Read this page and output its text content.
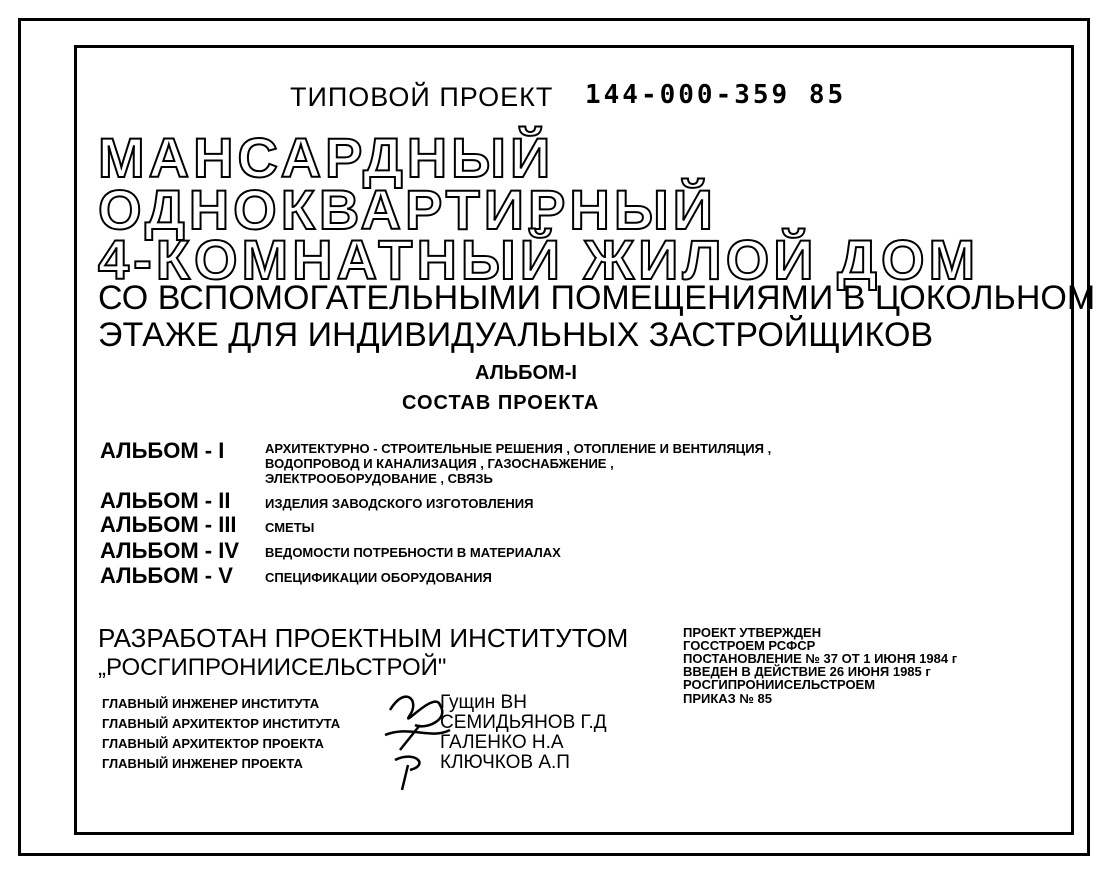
ТИПОВОЙ ПРОЕКТ 144-000-359 85
МАНСАРДНЫЙ
ОДНОКВАРТИРНЫЙ
4-КОМНАТНЫЙ ЖИЛОЙ ДОМ
СО ВСПОМОГАТЕЛЬНЫМИ ПОМЕЩЕНИЯМИ В ЦОКОЛЬНОМ
ЭТАЖЕ ДЛЯ ИНДИВИДУАЛЬНЫХ ЗАСТРОЙЩИКОВ
АЛЬБОМ-I
СОСТАВ ПРОЕКТА
АЛЬБОМ - I	АРХИТЕКТУРНО - СТРОИТЕЛЬНЫЕ РЕШЕНИЯ , ОТОПЛЕНИЕ И ВЕНТИЛЯЦИЯ ,
ВОДОПРОВОД И КАНАЛИЗАЦИЯ , ГАЗОСНАБЖЕНИЕ ,
ЭЛЕКТРООБОРУДОВАНИЕ , СВЯЗЬ
АЛЬБОМ - II	ИЗДЕЛИЯ ЗАВОДСКОГО ИЗГОТОВЛЕНИЯ
АЛЬБОМ - III СМЕТЫ
АЛЬБОМ - IV ВЕДОМОСТИ ПОТРЕБНОСТИ В МАТЕРИАЛАХ
АЛЬБОМ - V СПЕЦИФИКАЦИИ ОБОРУДОВАНИЯ
РАЗРАБОТАН ПРОЕКТНЫМ ИНСТИТУТОМ
„РОСГИПРОНИИСЕЛЬСТРОЙ"
ГЛАВНЫЙ ИНЖЕНЕР ИНСТИТУТА
ГЛАВНЫЙ АРХИТЕКТОР ИНСТИТУТА
ГЛАВНЫЙ АРХИТЕКТОР ПРОЕКТА
ГЛАВНЫЙ ИНЖЕНЕР ПРОЕКТА
Гущин ВН
СЕМИДЬЯНОВ Г.Д
ГАЛЕНКО Н.А
КЛЮЧКОВ А.П
ПРОЕКТ УТВЕРЖДЕН
ГОССТРОЕМ РСФСР
ПОСТАНОВЛЕНИЕ № 37 ОТ 1 ИЮНЯ 1984 г
ВВЕДЕН В ДЕЙСТВИЕ 26 ИЮНЯ 1985 г
РОСГИПРОНИИСЕЛЬСТРОЕМ
ПРИКАЗ № 85
